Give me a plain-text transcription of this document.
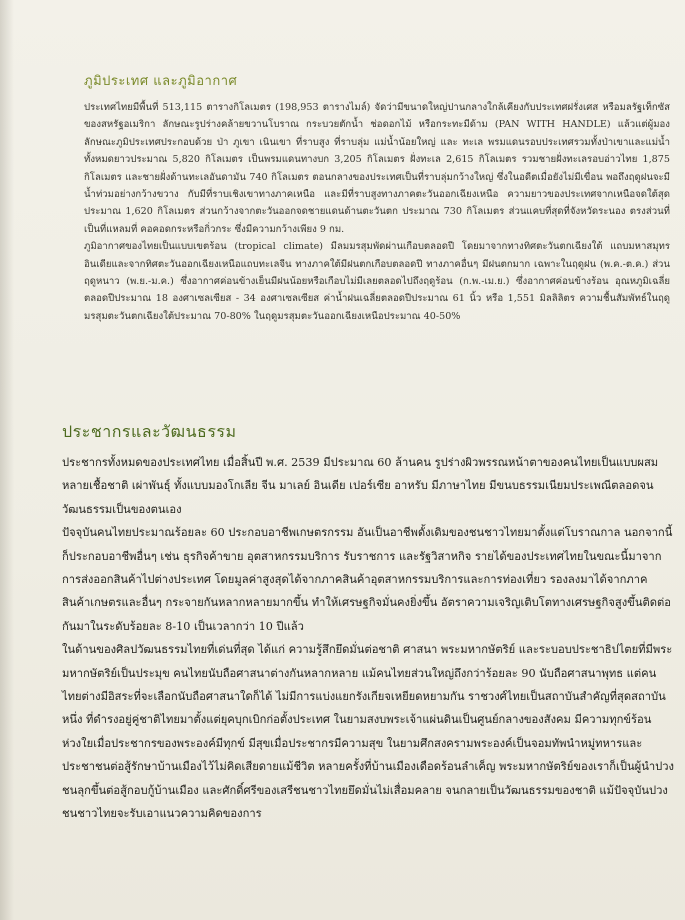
ภูมิประเทศ และภูมิอากาศ

ประเทศไทยมีพื้นที่ 513,115 ตารางกิโลเมตร (198,953 ตารางไมล์) จัดว่ามีขนาดใหญ่ปานกลางใกล้เคียงกับประเทศฝรั่งเศส หรือมลรัฐเท็กซัสของสหรัฐอเมริกา ลักษณะรูปร่างคล้ายขวานโบราณ กระบวยตักน้ำ ช่อดอกไม้ หรือกระทะมีด้าม (PAN WITH HANDLE) แล้วแต่ผู้มอง ลักษณะภูมิประเทศประกอบด้วย ป่า ภูเขา เนินเขา ที่ราบสูง ที่ราบลุ่ม แม่น้ำน้อยใหญ่ และ ทะเล พรมแดนรอบประเทศรวมทั้งป่าเขาและแม่น้ำทั้งหมดยาวประมาณ 5,820 กิโลเมตร เป็นพรมแดนทางบก 3,205 กิโลเมตร ฝั่งทะเล 2,615 กิโลเมตร รวมชายฝั่งทะเลรอบอ่าวไทย 1,875 กิโลเมตร และชายฝั่งด้านทะเลอันดามัน 740 กิโลเมตร ตอนกลางของประเทศเป็นที่ราบลุ่มกว้างใหญ่ ซึ่งในอดีตเมื่อยังไม่มีเขื่อน พอถึงฤดูฝนจะมีน้ำท่วมอย่างกว้างขวาง กับมีที่ราบเชิงเขาทางภาคเหนือ และมีที่ราบสูงทางภาคตะวันออกเฉียงเหนือ ความยาวของประเทศจากเหนือจดใต้สุดประมาณ 1,620 กิโลเมตร ส่วนกว้างจากตะวันออกจดชายแดนด้านตะวันตก ประมาณ 730 กิโลเมตร ส่วนแคบที่สุดที่จังหวัดระนอง ตรงส่วนที่เป็นที่แหลมที่ คอคอดกระหรือกิ่วกระ ซึ่งมีความกว้างเพียง 9 กม.

ภูมิอากาศของไทยเป็นแบบเขตร้อน (tropical climate) มีลมมรสุมพัดผ่านเกือบตลอดปี โดยมาจากทางทิศตะวันตกเฉียงใต้ แถบมหาสมุทรอินเดียและจากทิศตะวันออกเฉียงเหนือแถบทะเลจีน ทางภาคใต้มีฝนตกเกือบตลอดปี ทางภาคอื่นๆ มีฝนตกมาก เฉพาะในฤดูฝน (พ.ค.-ต.ค.) ส่วนฤดูหนาว (พ.ย.-ม.ค.) ซึ่งอากาศค่อนข้างเย็นมีฝนน้อยหรือเกือบไม่มีเลยตลอดไปถึงฤดูร้อน (ก.พ.-เม.ย.) ซึ่งอากาศค่อนข้างร้อน อุณหภูมิเฉลี่ยตลอดปีประมาณ 18 องศาเซลเซียส - 34 องศาเซลเซียส ค่าน้ำฝนเฉลี่ยตลอดปีประมาณ 61 นิ้ว หรือ 1,551 มิลลิลิตร ความชื้นสัมพัทธ์ในฤดูมรสุมตะวันตกเฉียงใต้ประมาณ 70-80% ในฤดูมรสุมตะวันออกเฉียงเหนือประมาณ 40-50%

ประชากรและวัฒนธรรม

ประชากรทั้งหมดของประเทศไทย เมื่อสิ้นปี พ.ศ. 2539 มีประมาณ 60 ล้านคน รูปร่างผิวพรรณหน้าตาของคนไทยเป็นแบบผสมหลายเชื้อชาติ เผ่าพันธุ์ ทั้งแบบมองโกเลีย จีน มาเลย์ อินเดีย เปอร์เซีย อาหรับ มีภาษาไทย มีขนบธรรมเนียมประเพณีตลอดจนวัฒนธรรมเป็นของตนเอง

ปัจจุบันคนไทยประมาณร้อยละ 60 ประกอบอาชีพเกษตรกรรม อันเป็นอาชีพดั้งเดิมของชนชาวไทยมาตั้งแต่โบราณกาล นอกจากนี้ก็ประกอบอาชีพอื่นๆ เช่น ธุรกิจค้าขาย อุตสาหกรรมบริการ รับราชการ และรัฐวิสาหกิจ รายได้ของประเทศไทยในขณะนี้มาจากการส่งออกสินค้าไปต่างประเทศ โดยมูลค่าสูงสุดได้จากภาคสินค้าอุตสาหกรรมบริการและการท่องเที่ยว รองลงมาได้จากภาคสินค้าเกษตรและอื่นๆ กระจายกันหลากหลายมากขึ้น ทำให้เศรษฐกิจมั่นคงยิ่งขึ้น อัตราความเจริญเติบโตทางเศรษฐกิจสูงขึ้นติดต่อกันมาในระดับร้อยละ 8-10 เป็นเวลากว่า 10 ปีแล้ว

ในด้านของศิลปวัฒนธรรมไทยที่เด่นที่สุด ได้แก่ ความรู้สึกยึดมั่นต่อชาติ ศาสนา พระมหากษัตริย์ และระบอบประชาธิปไตยที่มีพระมหากษัตริย์เป็นประมุข คนไทยนับถือศาสนาต่างกันหลากหลาย แม้คนไทยส่วนใหญ่ถึงกว่าร้อยละ 90 นับถือศาสนาพุทธ แต่คนไทยต่างมีอิสระที่จะเลือกนับถือศาสนาใดก็ได้ ไม่มีการแบ่งแยกรังเกียจเหยียดหยามกัน ราชวงศ์ไทยเป็นสถาบันสำคัญที่สุดสถาบันหนึ่ง ที่ดำรงอยู่คู่ชาติไทยมาตั้งแต่ยุคบุกเบิกก่อตั้งประเทศ ในยามสงบพระเจ้าแผ่นดินเป็นศูนย์กลางของสังคม มีความทุกข์ร้อนห่วงใยเมื่อประชากรของพระองค์มีทุกข์ มีสุขเมื่อประชากรมีความสุข ในยามศึกสงครามพระองค์เป็นจอมทัพนำหมู่ทหารและประชาชนต่อสู้รักษาบ้านเมืองไว้ไม่คิดเสียดายแม้ชีวิต หลายครั้งที่บ้านเมืองเดือดร้อนลำเค็ญ พระมหากษัตริย์ของเราก็เป็นผู้นำปวงชนลุกขึ้นต่อสู้กอบกู้บ้านเมือง และศักดิ์ศรีของเสรีชนชาวไทยยึดมั่นไม่เสื่อมคลาย จนกลายเป็นวัฒนธรรมของชาติ แม้ปัจจุบันปวงชนชาวไทยจะรับเอาแนวความคิดของการ
